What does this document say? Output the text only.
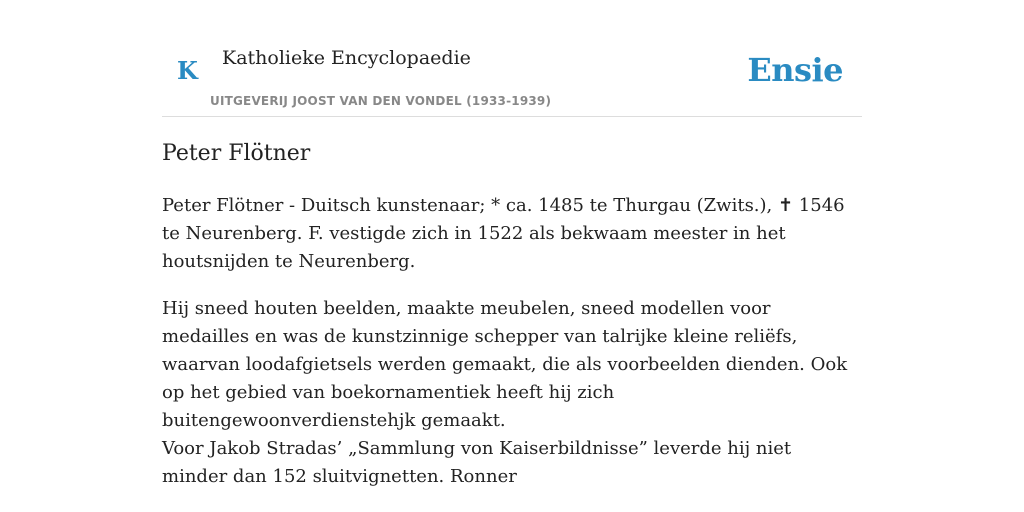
K Katholieke Encyclopaedie
UITGEVERIJ JOOST VAN DEN VONDEL (1933-1939)
Ensie
Peter Flötner

Peter Flötner - Duitsch kunstenaar; * ca. 1485 te Thurgau (Zwits.), ✝ 1546 te Neurenberg. F. vestigde zich in 1522 als bekwaam meester in het houtsnijden te Neurenberg.

Hij sneed houten beelden, maakte meubelen, sneed modellen voor medailles en was de kunstzinnige schepper van talrijke kleine reliëfs, waarvan loodafgietsels werden gemaakt, die als voorbeelden dienden. Ook op het gebied van boekornamentiek heeft hij zich buitengewoonverdienstehjk gemaakt.

Voor Jakob Stradas’ „Sammlung von Kaiserbildnisse” leverde hij niet minder dan 152 sluitvignetten. Ronner
